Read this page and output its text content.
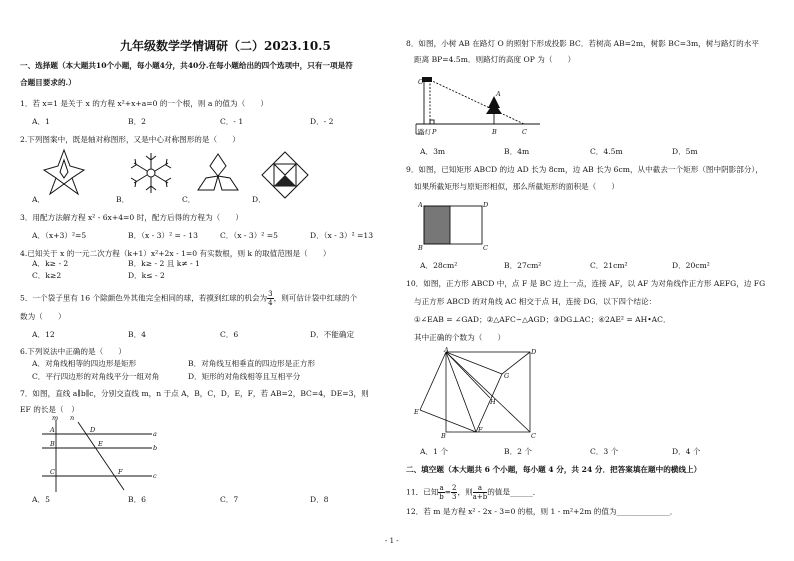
九年级数学学情调研（二）2023.10.5
一、选择题（本大题共10个小题，每小题4分，共40分.在每小题给出的四个选项中，只有一项是符
合题目要求的.）
1．若 x=1 是关于 x 的方程 x²+x+a=0 的一个根，则 a 的值为（　　）
A．1	B．2	C．- 1	D．- 2
2.下列图案中，既是轴对称图形，又是中心对称图形的是（　　）
A．	B．	C．	D．
3．用配方法解方程 x² - 6x+4=0 时，配方后得的方程为（　　）
A．（x+3）²=5	B．（x - 3）² = - 13	C．（x - 3）² =5	D．（x - 3）² =13
4.已知关于 x 的一元二次方程（k+1）x²+2x - 1=0 有实数根，则 k 的取值范围是（　　）
A．k≥ - 2	B．k≥ - 2 且 k≠ - 1
C．k≥2	D．k≤ - 2
5．一个袋子里有 16 个除颜色外其他完全相同的球，若摸到红球的机会为 $\frac{3}{4}$ ，则可估计袋中红球的个
数为（　　）
A．12	B．4	C．6	D．不能确定
6.下列说法中正确的是（　　）
A．对角线相等的四边形是矩形	B．对角线互相垂直的四边形是正方形
C．平行四边形的对角线平分一组对角	D．矩形的对角线相等且互相平分
7．如图，直线 a∥b∥c，分别交直线 m，n 于点 A，B，C，D，E，F，若 AB=2，BC=4，DE=3，则
EF 的长是（　）
m n
a
b
c
A
B
C
D
E
F
A．5	B．6	C．7	D．8
8．如图，小树 AB 在路灯 O 的照射下形成投影 BC．若树高 AB=2m，树影 BC=3m，树与路灯的水平
距离 BP=4.5m．则路灯的高度 OP 为（　　）
O
A
P	B	C
路灯
A．3m	B．4m	C．4.5m	D．5m
9．如图，已知矩形 ABCD 的边 AD 长为 8cm，边 AB 长为 6cm，从中截去一个矩形（图中阴影部分），
如果所截矩形与原矩形相似，那么所截矩形的面积是（　　）
A
B	C
D
A．28cm²	B．27cm²	C．21cm²	D．20cm²
10．如图，正方形 ABCD 中，点 F 是 BC 边上一点，连接 AF，以 AF 为对角线作正方形 AEFG，边 FG
与正方形 ABCD 的对角线 AC 相交于点 H，连接 DG．以下四个结论：
①∠EAB = ∠GAD；②△AFC∽△AGD；③DG⊥AC；④2AE² = AH•AC．
其中正确的个数为（　　）
A
B	C
D
E
F
G
H
A．1 个	B．2 个	C．3 个	D．4 个
二、填空题（本大题共 6 个小题，每小题 4 分，共 24 分．把答案填在题中的横线上）
11．已知 $\frac{a}{b} = \frac{2}{3}$ ，则 $\frac{a}{a+b}$ 的值是______．
12．若 m 是方程 x² - 2x - 3=0 的根，则 1 - m²+2m 的值为______________．
- 1 -
